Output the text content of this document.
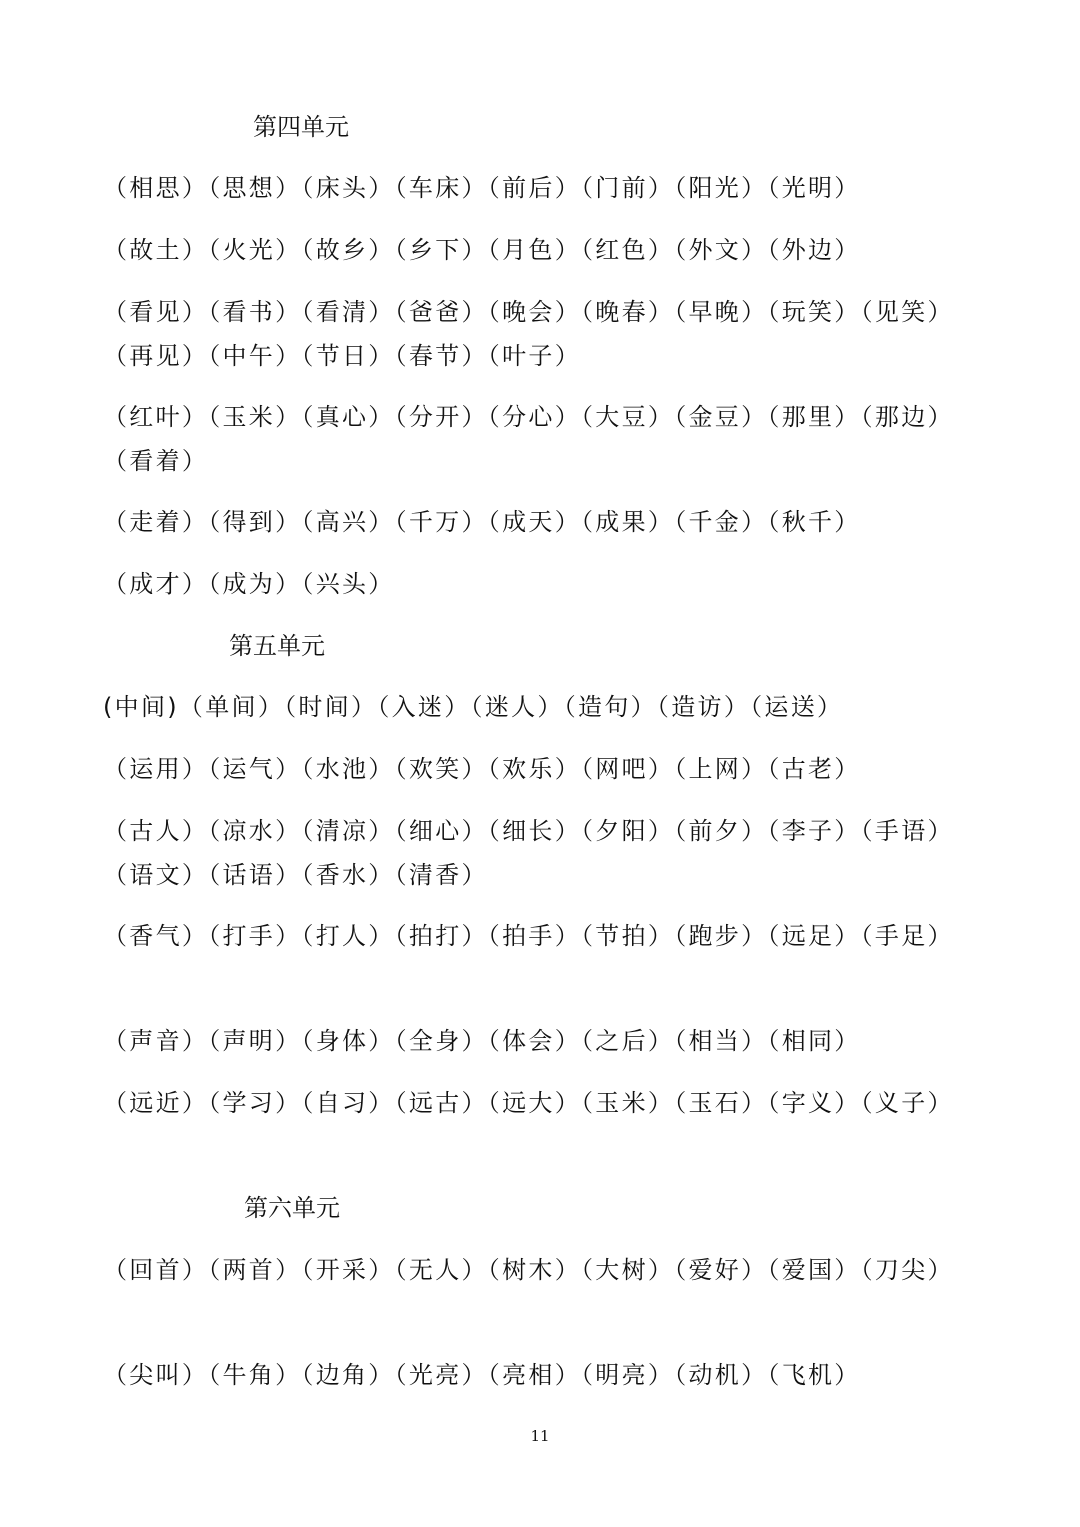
第四单元
（相思）（思想）（床头）（车床）（前后）（门前）（阳光）（光明）
（故土）（火光）（故乡）（乡下）（月色）（红色）（外文）（外边）
（看见）（看书）（看清）（爸爸）（晚会）（晚春）（早晚）（玩笑）（见笑）（再见）（中午）（节日）（春节）（叶子）
（红叶）（玉米）（真心）（分开）（分心）（大豆）（金豆）（那里）（那边）（看着）
（走着）（得到）（高兴）（千万）（成天）（成果）（千金）（秋千）
（成才）（成为）（兴头）
第五单元
(中间)（单间）（时间）（入迷）（迷人）（造句）（造访）（运送）
（运用）（运气）（水池）（欢笑）（欢乐）（网吧）（上网）（古老）
（古人）（凉水）（清凉）（细心）（细长）（夕阳）（前夕）（李子）（手语）（语文）（话语）（香水）（清香）
（香气）（打手）（打人）（拍打）（拍手）（节拍）（跑步）（远足）（手足）
（声音）（声明）（身体）（全身）（体会）（之后）（相当）（相同）
（远近）（学习）（自习）（远古）（远大）（玉米）（玉石）（字义）（义子）
第六单元
（回首）（两首）（开采）（无人）（树木）（大树）（爱好）（爱国）（刀尖）
（尖叫）（牛角）（边角）（光亮）（亮相）（明亮）（动机）（飞机）
11
